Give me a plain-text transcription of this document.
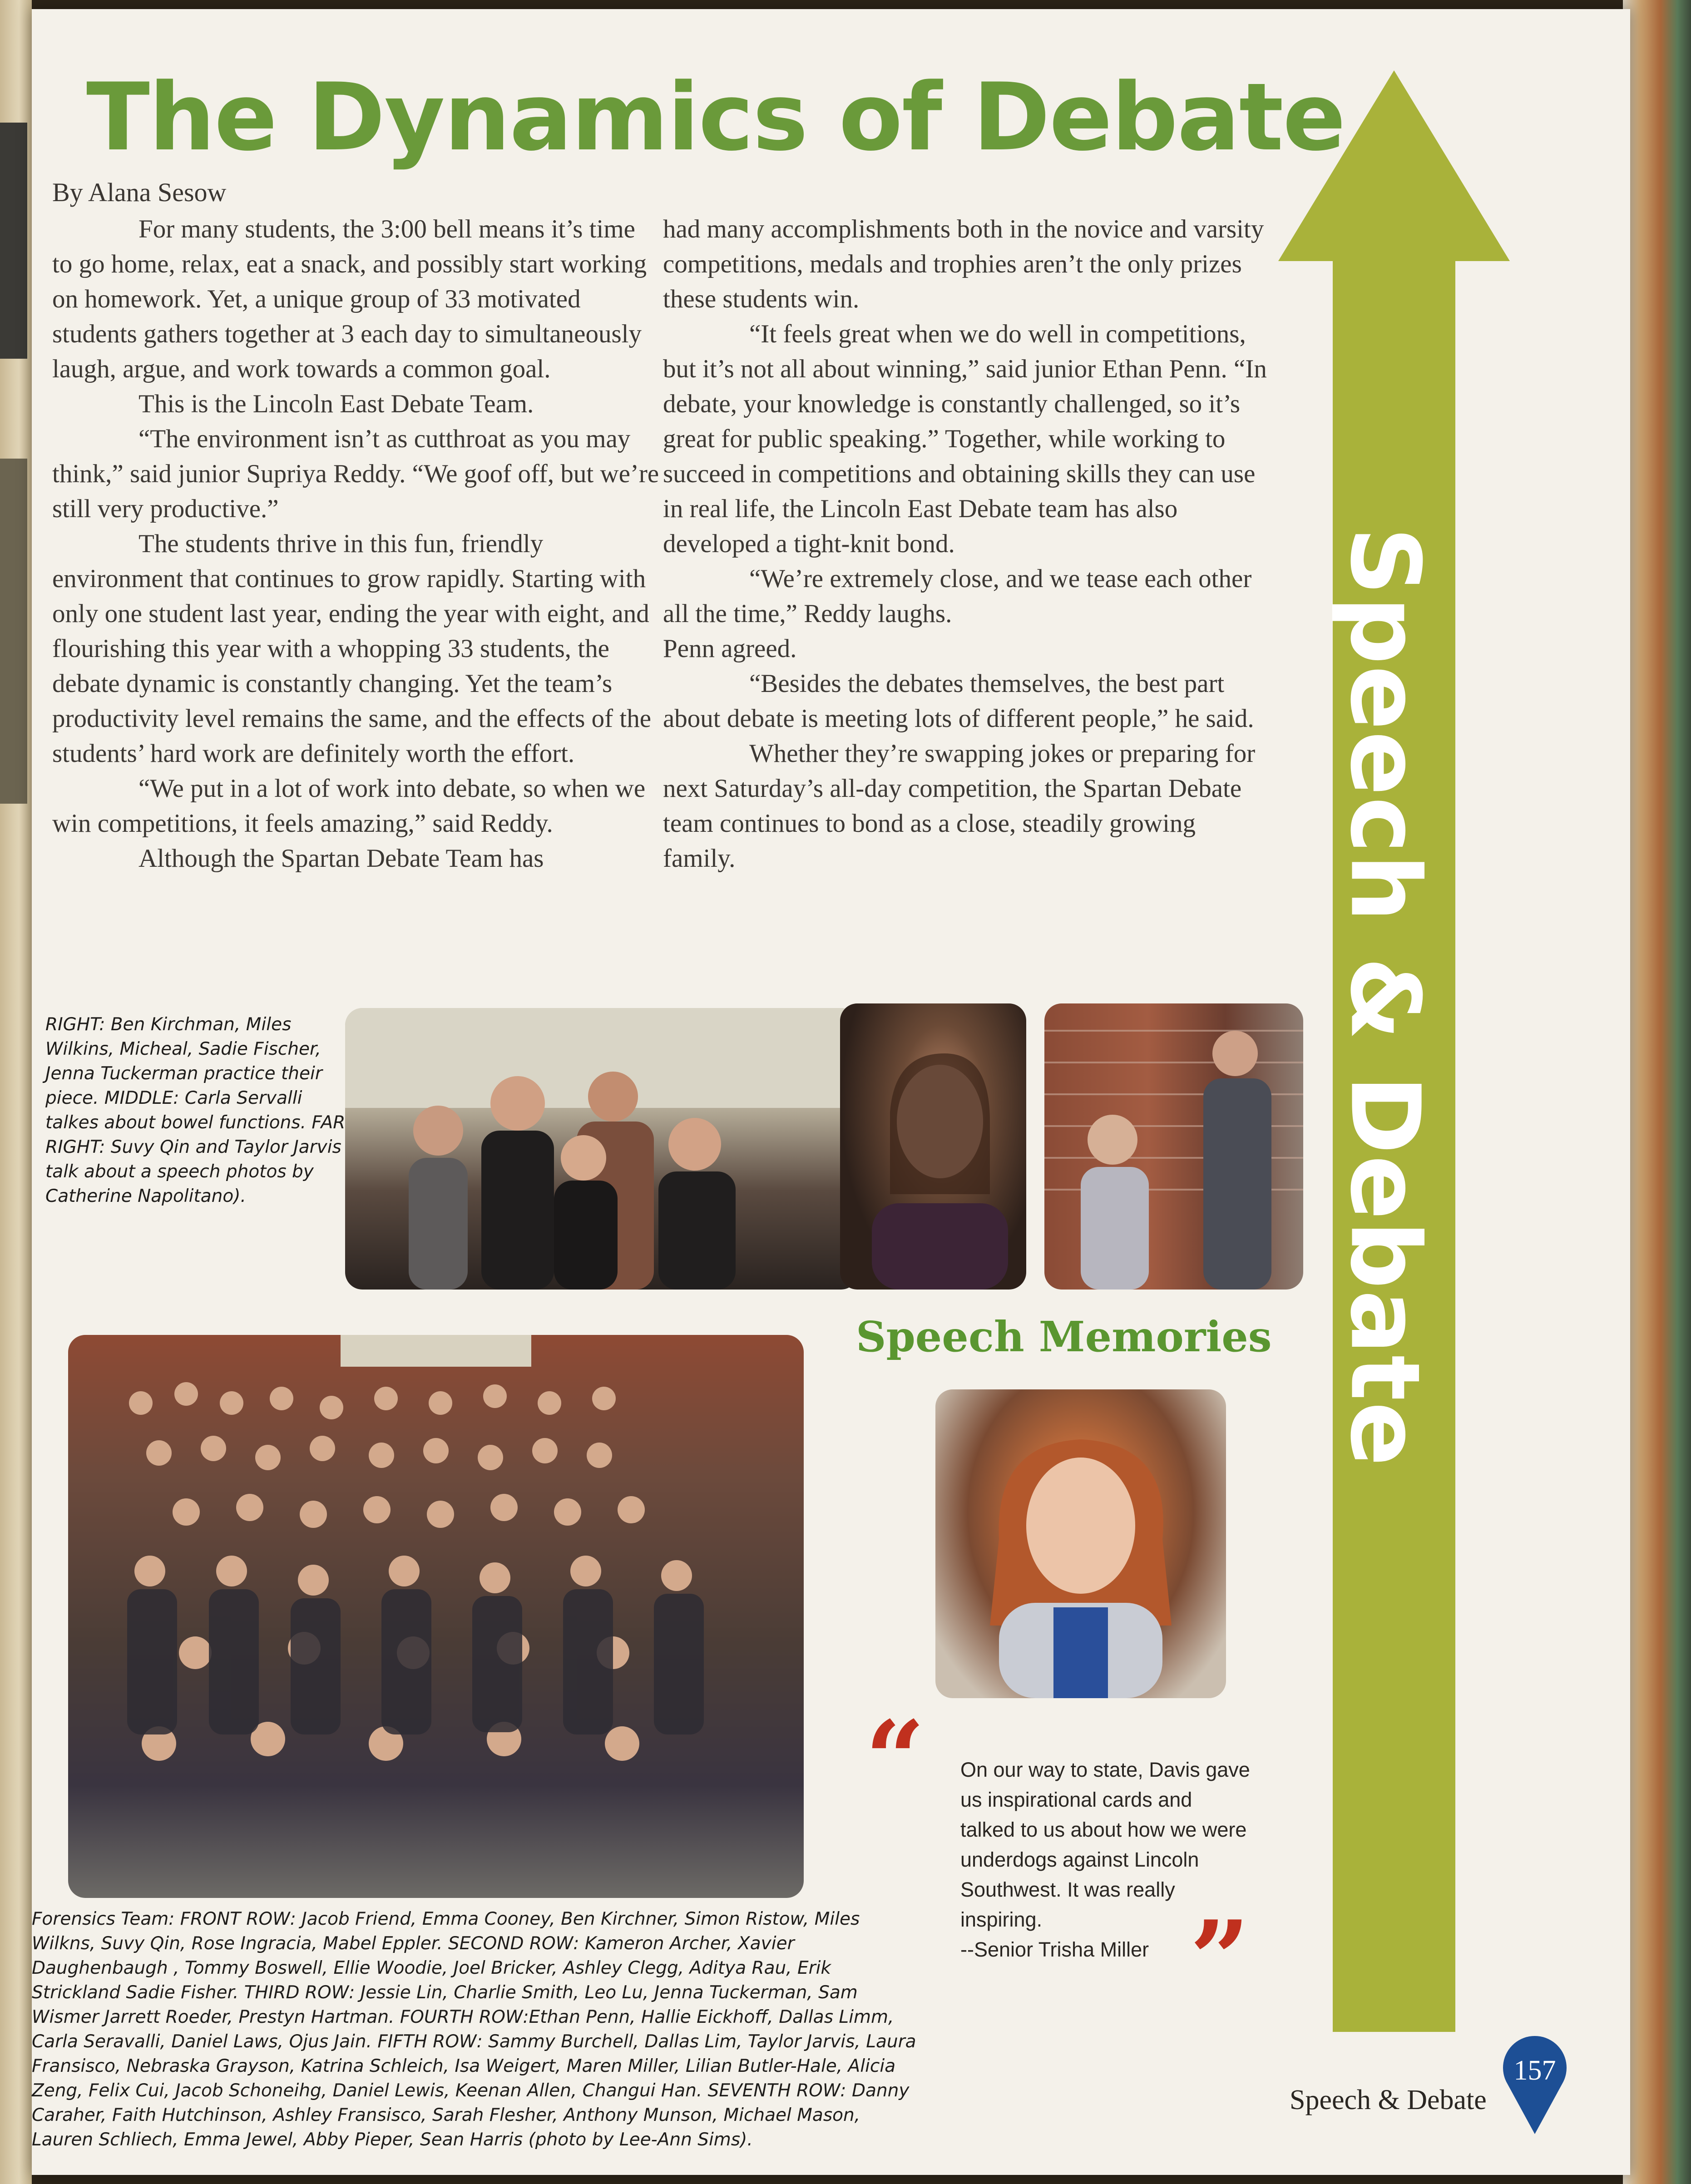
The Dynamics of Debate
By Alana Sesow

For many students, the 3:00 bell means it’s time to go home, relax, eat a snack, and possibly start working on homework. Yet, a unique group of 33 motivated students gathers together at 3 each day to simultaneously laugh, argue, and work towards a common goal.

This is the Lincoln East Debate Team.

“The environment isn’t as cutthroat as you may think,” said junior Supriya Reddy. “We goof off, but we’re still very productive.”

The students thrive in this fun, friendly environment that continues to grow rapidly. Starting with only one student last year, ending the year with eight, and flourishing this year with a whopping 33 students, the debate dynamic is constantly changing. Yet the team’s productivity level remains the same, and the effects of the students’ hard work are definitely worth the effort.

“We put in a lot of work into debate, so when we win competitions, it feels amazing,” said Reddy.

Although the Spartan Debate Team has

had many accomplishments both in the novice and varsity competitions, medals and trophies aren’t the only prizes these students win.

“It feels great when we do well in competitions, but it’s not all about winning,” said junior Ethan Penn. “In debate, your knowledge is constantly challenged, so it’s great for public speaking.” Together, while working to succeed in competitions and obtaining skills they can use in real life, the Lincoln East Debate team has also developed a tight-knit bond.

“We’re extremely close, and we tease each other all the time,” Reddy laughs.

Penn agreed.

“Besides the debates themselves, the best part about debate is meeting lots of different people,” he said.

Whether they’re swapping jokes or preparing for next Saturday’s all-day competition, the Spartan Debate team continues to bond as a close, steadily growing family.

RIGHT: Ben Kirchman, Miles Wilkins, Micheal, Sadie Fischer, Jenna Tuckerman practice their piece. MIDDLE: Carla Servalli talkes about bowel functions. FAR RIGHT: Suvy Qin and Taylor Jarvis talk about a speech photos by Catherine Napolitano).
Forensics Team: FRONT ROW: Jacob Friend, Emma Cooney, Ben Kirchner, Simon Ristow, Miles Wilkns, Suvy Qin, Rose Ingracia, Mabel Eppler. SECOND ROW: Kameron Archer, Xavier Daughenbaugh , Tommy Boswell, Ellie Woodie, Joel Bricker, Ashley Clegg, Aditya Rau, Erik Strickland Sadie Fisher. THIRD ROW: Jessie Lin, Charlie Smith, Leo Lu, Jenna Tuckerman, Sam Wismer Jarrett Roeder, Prestyn Hartman. FOURTH ROW:Ethan Penn, Hallie Eickhoff, Dallas Limm, Carla Seravalli, Daniel Laws, Ojus Jain. FIFTH ROW: Sammy Burchell, Dallas Lim, Taylor Jarvis, Laura Fransisco, Nebraska Grayson, Katrina Schleich, Isa Weigert, Maren Miller, Lilian Butler-Hale, Alicia Zeng, Felix Cui, Jacob Schoneihg, Daniel Lewis, Keenan Allen, Changui Han. SEVENTH ROW: Danny Caraher, Faith Hutchinson, Ashley Fransisco, Sarah Flesher, Anthony Munson, Michael Mason, Lauren Schliech, Emma Jewel, Abby Pieper, Sean Harris (photo by Lee-Ann Sims).
Speech Memories
“ On our way to state, Davis gave us inspirational cards and talked to us about how we were underdogs against Lincoln Southwest. It was really inspiring.
--Senior Trisha Miller ”
Speech & Debate
Speech & Debate
157
